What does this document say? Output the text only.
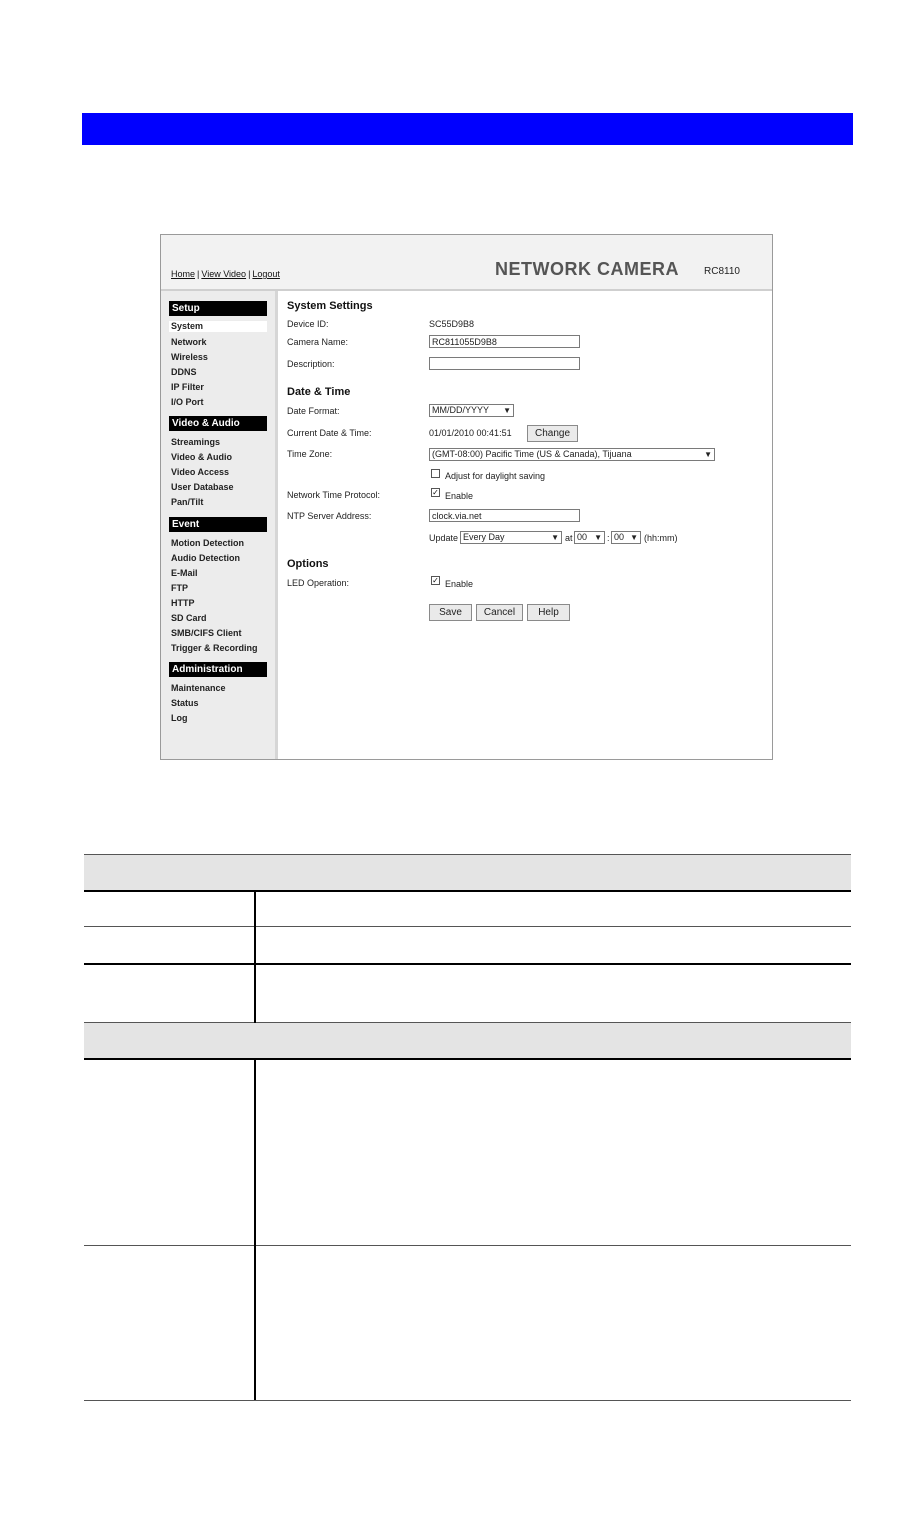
Home | View Video | Logout	NETWORK CAMERA	RC8110
Setup
System
Network
Wireless
DDNS
IP Filter
I/O Port
Video & Audio
Streamings
Video & Audio
Video Access
User Database
Pan/Tilt
Event
Motion Detection
Audio Detection
E-Mail
FTP
HTTP
SD Card
SMB/CIFS Client
Trigger & Recording
Administration
Maintenance
Status
Log
System Settings
Device ID:	SC55D9B8
Camera Name:	RC811055D9B8
Description:
Date & Time
Date Format:	MM/DD/YYYY ▼
Current Date & Time:	01/01/2010 00:41:51	Change
Time Zone:	(GMT-08:00) Pacific Time (US & Canada), Tijuana	▼
Adjust for daylight saving
Network Time Protocol:	✓ Enable
NTP Server Address:	clock.via.net
Update Every Day	▼ at 00 ▼ : 00 ▼ (hh:mm)
Options
LED Operation:	✓ Enable
Save	Cancel	Help
